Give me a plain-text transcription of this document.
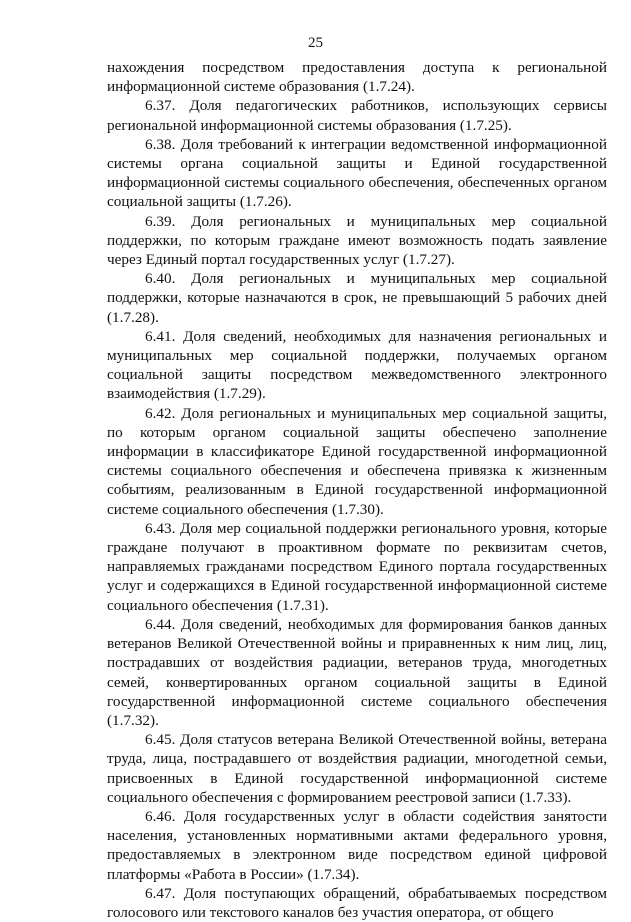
25

нахождения посредством предоставления доступа к региональной информационной системе образования (1.7.24).

6.37. Доля педагогических работников, использующих сервисы региональной информационной системы образования (1.7.25).

6.38. Доля требований к интеграции ведомственной информационной системы органа социальной защиты и Единой государственной информационной системы социального обеспечения, обеспеченных органом социальной защиты (1.7.26).

6.39. Доля региональных и муниципальных мер социальной поддержки, по которым граждане имеют возможность подать заявление через Единый портал государственных услуг (1.7.27).

6.40. Доля региональных и муниципальных мер социальной поддержки, которые назначаются в срок, не превышающий 5 рабочих дней (1.7.28).

6.41. Доля сведений, необходимых для назначения региональных и муниципальных мер социальной поддержки, получаемых органом социальной защиты посредством межведомственного электронного взаимодействия (1.7.29).

6.42. Доля региональных и муниципальных мер социальной защиты, по которым органом социальной защиты обеспечено заполнение информации в классификаторе Единой государственной информационной системы социального обеспечения и обеспечена привязка к жизненным событиям, реализованным в Единой государственной информационной системе социального обеспечения (1.7.30).

6.43. Доля мер социальной поддержки регионального уровня, которые граждане получают в проактивном формате по реквизитам счетов, направляемых гражданами посредством Единого портала государственных услуг и содержащихся в Единой государственной информационной системе социального обеспечения (1.7.31).

6.44. Доля сведений, необходимых для формирования банков данных ветеранов Великой Отечественной войны и приравненных к ним лиц, лиц, пострадавших от воздействия радиации, ветеранов труда, многодетных семей, конвертированных органом социальной защиты в Единой государственной информационной системе социального обеспечения (1.7.32).

6.45. Доля статусов ветерана Великой Отечественной войны, ветерана труда, лица, пострадавшего от воздействия радиации, многодетной семьи, присвоенных в Единой государственной информационной системе социального обеспечения с формированием реестровой записи (1.7.33).

6.46. Доля государственных услуг в области содействия занятости населения, установленных нормативными актами федерального уровня, предоставляемых в электронном виде посредством единой цифровой платформы «Работа в России» (1.7.34).

6.47. Доля поступающих обращений, обрабатываемых посредством голосового или текстового каналов без участия оператора, от общего
